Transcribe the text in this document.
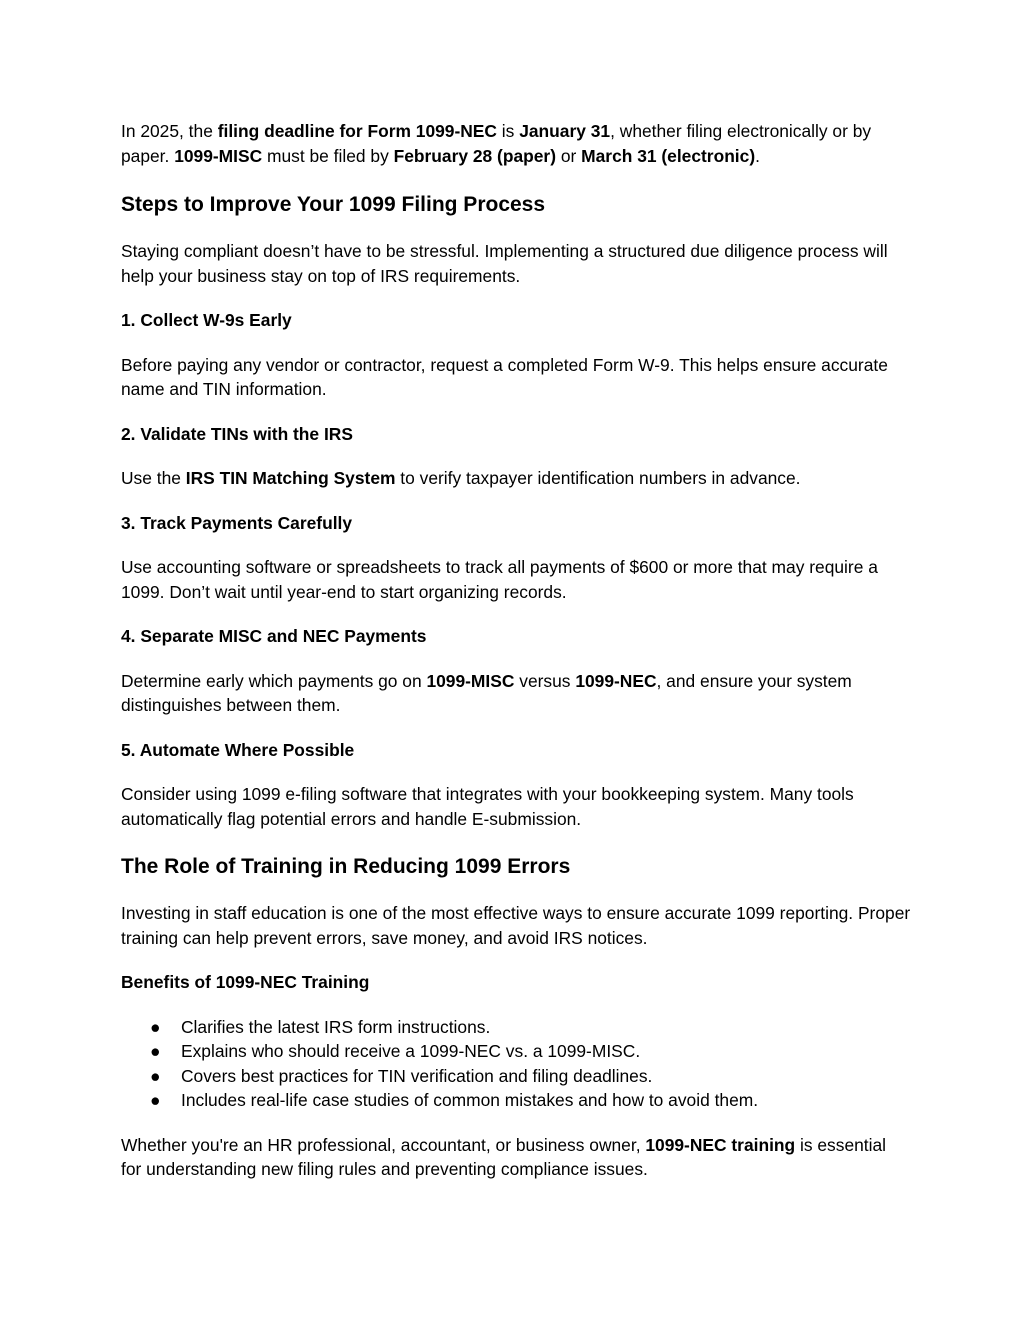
In 2025, the filing deadline for Form 1099-NEC is January 31, whether filing electronically or by paper. 1099-MISC must be filed by February 28 (paper) or March 31 (electronic).

Steps to Improve Your 1099 Filing Process

Staying compliant doesn’t have to be stressful. Implementing a structured due diligence process will help your business stay on top of IRS requirements.

1. Collect W-9s Early

Before paying any vendor or contractor, request a completed Form W-9. This helps ensure accurate name and TIN information.

2. Validate TINs with the IRS

Use the IRS TIN Matching System to verify taxpayer identification numbers in advance.

3. Track Payments Carefully

Use accounting software or spreadsheets to track all payments of $600 or more that may require a 1099. Don’t wait until year-end to start organizing records.

4. Separate MISC and NEC Payments

Determine early which payments go on 1099-MISC versus 1099-NEC, and ensure your system distinguishes between them.

5. Automate Where Possible

Consider using 1099 e-filing software that integrates with your bookkeeping system. Many tools automatically flag potential errors and handle E-submission.

The Role of Training in Reducing 1099 Errors

Investing in staff education is one of the most effective ways to ensure accurate 1099 reporting. Proper training can help prevent errors, save money, and avoid IRS notices.

Benefits of 1099-NEC Training
● Clarifies the latest IRS form instructions.
● Explains who should receive a 1099-NEC vs. a 1099-MISC.
● Covers best practices for TIN verification and filing deadlines.
● Includes real-life case studies of common mistakes and how to avoid them.

Whether you're an HR professional, accountant, or business owner, 1099-NEC training is essential for understanding new filing rules and preventing compliance issues.
